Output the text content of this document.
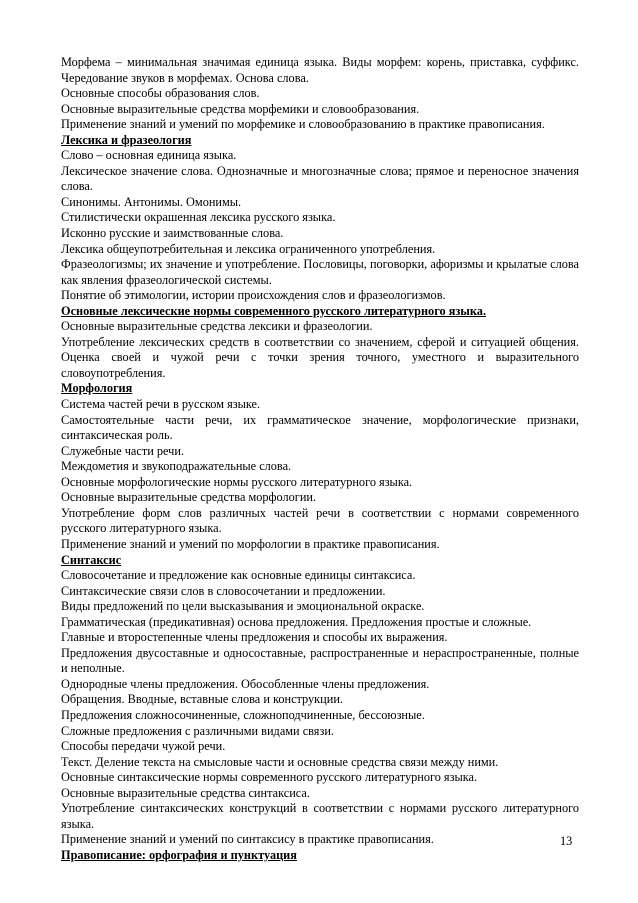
Морфема – минимальная значимая единица языка. Виды морфем: корень, приставка, суффикс. Чередование звуков в морфемах. Основа слова.

Основные способы образования слов.

Основные выразительные средства морфемики и словообразования.

Применение знаний и умений по морфемике и словообразованию в практике правописания.

Лексика и фразеология

Слово – основная единица языка.

Лексическое значение слова. Однозначные и многозначные слова; прямое и переносное значения слова.

Синонимы. Антонимы. Омонимы.

Стилистически окрашенная лексика русского языка.

Исконно русские и заимствованные слова.

Лексика общеупотребительная и лексика ограниченного употребления.

Фразеологизмы; их значение и употребление. Пословицы, поговорки, афоризмы и крылатые слова как явления фразеологической системы.

Понятие об этимологии, истории происхождения слов и фразеологизмов.

Основные лексические нормы современного русского литературного языка.

Основные выразительные средства лексики и фразеологии.

Употребление лексических средств в соответствии со значением, сферой и ситуацией общения. Оценка своей и чужой речи с точки зрения точного, уместного и выразительного словоупотребления.

Морфология

Система частей речи в русском языке.

Самостоятельные части речи, их грамматическое значение, морфологические признаки, синтаксическая роль.

Служебные части речи.

Междометия и звукоподражательные слова.

Основные морфологические нормы русского литературного языка.

Основные выразительные средства морфологии.

Употребление форм слов различных частей речи в соответствии с нормами современного русского литературного языка.

Применение знаний и умений по морфологии в практике правописания.

Синтаксис

Словосочетание и предложение как основные единицы синтаксиса.

Синтаксические связи слов в словосочетании и предложении.

Виды предложений по цели высказывания и эмоциональной окраске.

Грамматическая (предикативная) основа предложения. Предложения простые и сложные.

Главные и второстепенные члены предложения и способы их выражения.

Предложения двусоставные и односоставные, распространенные и нераспространенные, полные и неполные.

Однородные члены предложения. Обособленные члены предложения.

Обращения. Вводные, вставные слова и конструкции.

Предложения сложносочиненные, сложноподчиненные, бессоюзные.

Сложные предложения с различными видами связи.

Способы передачи чужой речи.

Текст. Деление текста на смысловые части и основные средства связи между ними.

Основные синтаксические нормы современного русского литературного языка.

Основные выразительные средства синтаксиса.

Употребление синтаксических конструкций в соответствии с нормами русского литературного языка.

Применение знаний и умений по синтаксису в практике правописания.

Правописание: орфография и пунктуация

13
